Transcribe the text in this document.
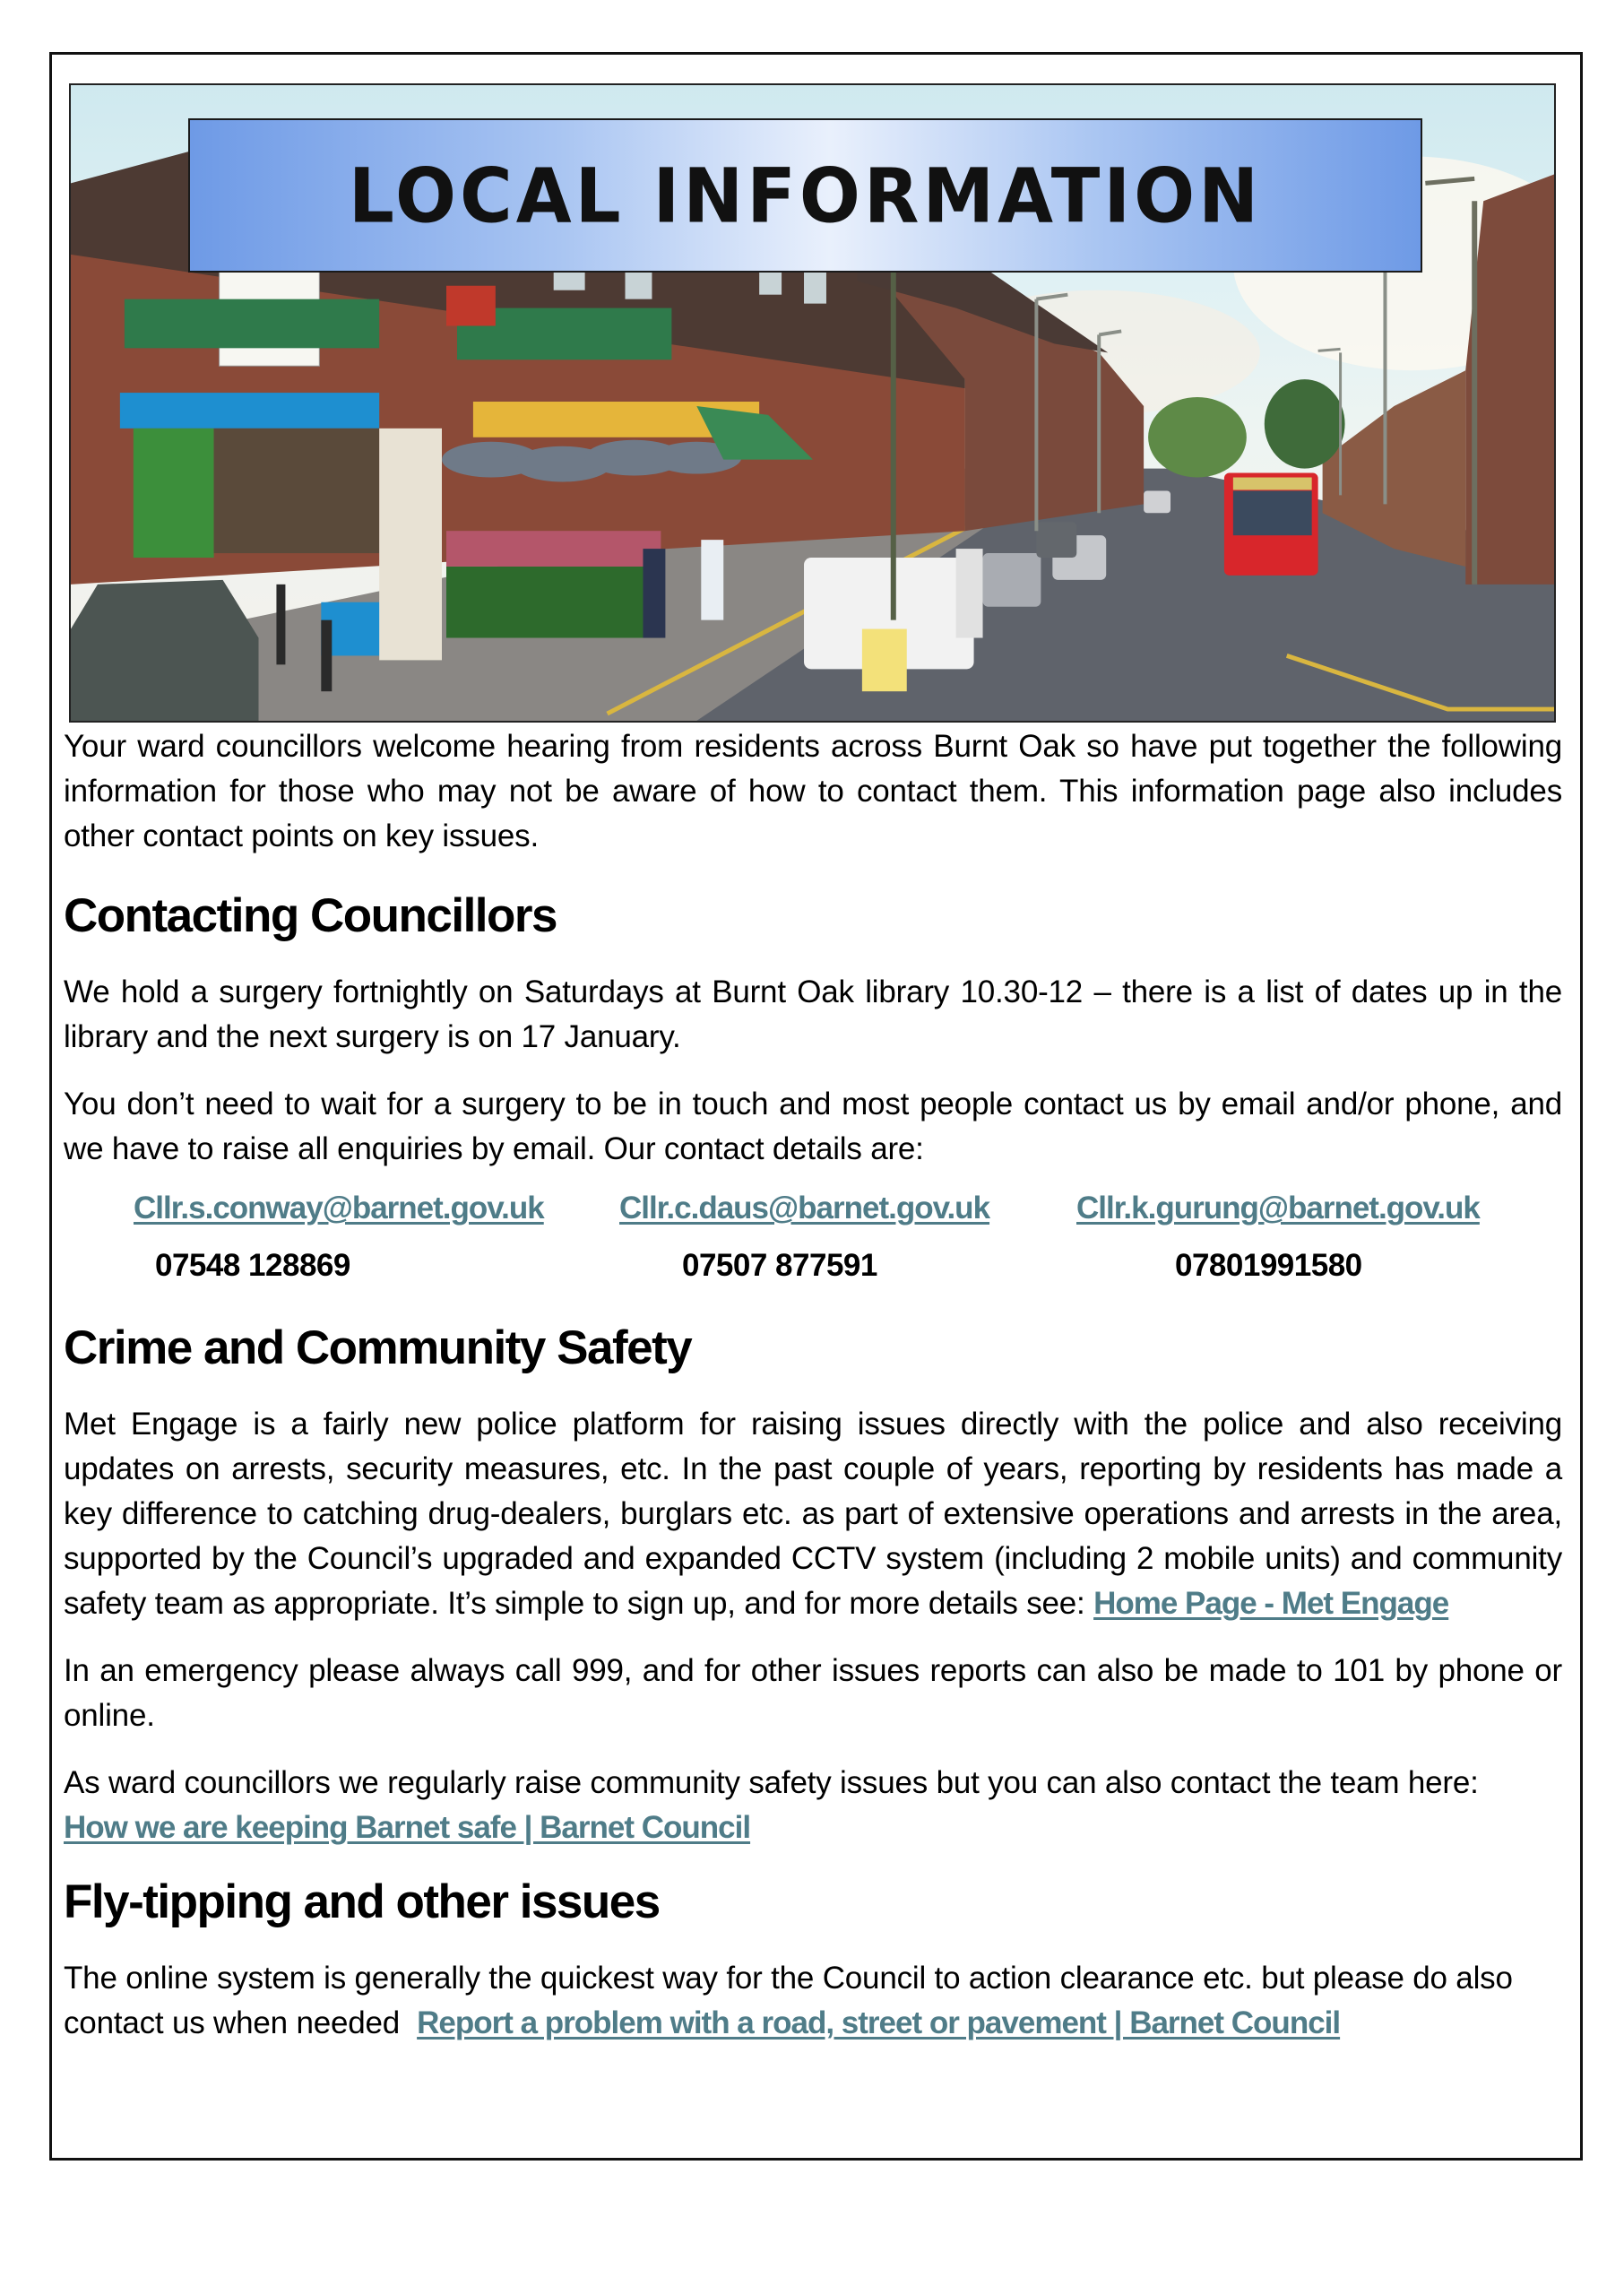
LOCAL INFORMATION

Your ward councillors welcome hearing from residents across Burnt Oak so have put together the following information for those who may not be aware of how to contact them. This information page also includes other contact points on key issues.

Contacting Councillors

We hold a surgery fortnightly on Saturdays at Burnt Oak library 10.30-12 – there is a list of dates up in the library and the next surgery is on 17 January.

You don’t need to wait for a surgery to be in touch and most people contact us by email and/or phone, and we have to raise all enquiries by email. Our contact details are:

Cllr.s.conway@barnet.gov.uk
07548 128869
Cllr.c.daus@barnet.gov.uk
07507 877591
Cllr.k.gurung@barnet.gov.uk
07801991580
Crime and Community Safety

Met Engage is a fairly new police platform for raising issues directly with the police and also receiving updates on arrests, security measures, etc. In the past couple of years, reporting by residents has made a key difference to catching drug-dealers, burglars etc. as part of extensive operations and arrests in the area, supported by the Council’s upgraded and expanded CCTV system (including 2 mobile units) and community safety team as appropriate. It’s simple to sign up, and for more details see: Home Page - Met Engage

In an emergency please always call 999, and for other issues reports can also be made to 101 by phone or online.

As ward councillors we regularly raise community safety issues but you can also contact the team here:
How we are keeping Barnet safe | Barnet Council

Fly-tipping and other issues

The online system is generally the quickest way for the Council to action clearance etc. but please do also contact us when needed  Report a problem with a road, street or pavement | Barnet Council
